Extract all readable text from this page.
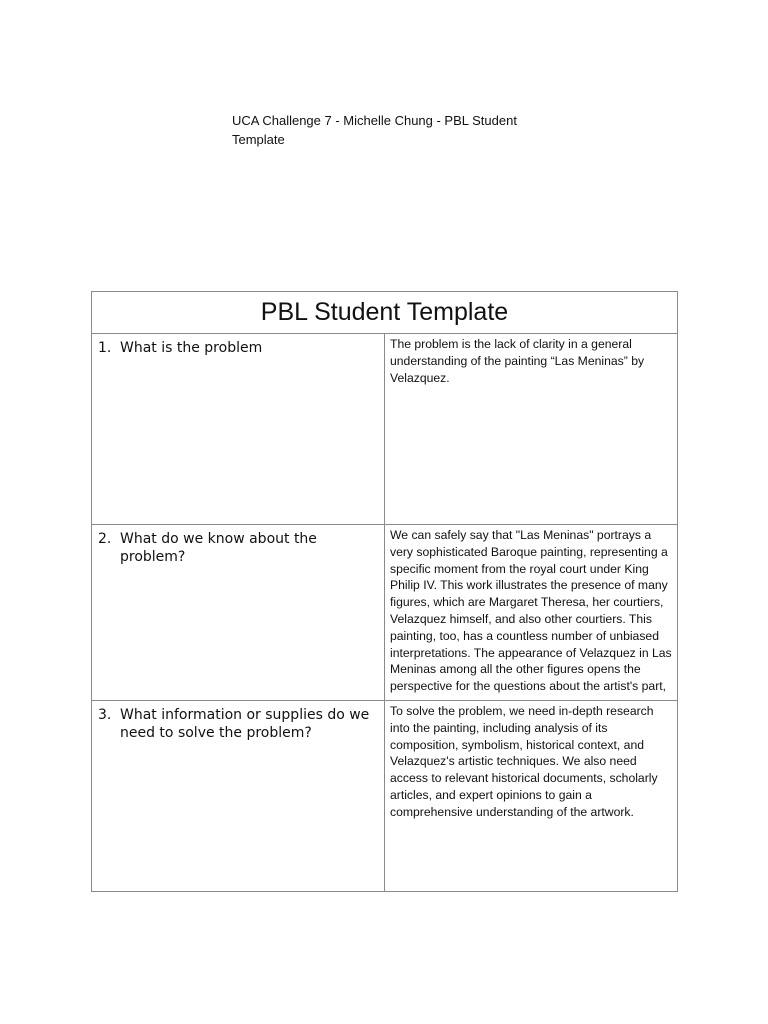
UCA Challenge 7 - Michelle Chung - PBL Student Template
PBL Student Template	

1. What is the problem	The problem is the lack of clarity in a general understanding of the painting “Las Meninas” by Velazquez.

2. What do we know about the problem?	We can safely say that "Las Meninas" portrays a very sophisticated Baroque painting, representing a specific moment from the royal court under King Philip IV. This work illustrates the presence of many figures, which are Margaret Theresa, her courtiers, Velazquez himself, and also other courtiers. This painting, too, has a countless number of unbiased interpretations. The appearance of Velazquez in Las Meninas among all the other figures opens the perspective for the questions about the artist's part,

3. What information or supplies do we need to solve the problem?	To solve the problem, we need in-depth research into the painting, including analysis of its composition, symbolism, historical context, and Velazquez's artistic techniques. We also need access to relevant historical documents, scholarly articles, and expert opinions to gain a comprehensive understanding of the artwork.
